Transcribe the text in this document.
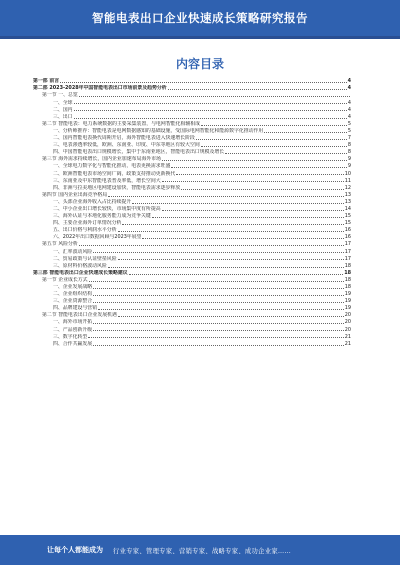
智能电表出口企业快速成长策略研究报告
内容目录
第一部 前言	4
第二部 2023-2028年中国智能电表出口市场前景及趋势分析	4
第一节 一、总览
一、全球	4
二、国内	4
三、出口	4
第二节 智能电表：电力系统数据的主要采集装置，与电网智能化相辅相成	5
一、分析师推荐：智能电表是电网数据感知的基础设施，受国际电网智能化和能源数字化推动作用	5
二、国内智能电表换代周期开启，海外智能电表进入快速增长阶段	7
三、电表渗透率较低，欧洲、东南亚、印度、中东等地区有较大空间	8
四、中国智能电表出口规模增长，集中于东南亚地区，智能电表出口规模及增长	8
第三节 海外需求持续增长，国内企业加速布局海外市场	9
一、全球电力数字化与智能化推动，电表更换需求旺盛	9
二、欧洲智能电表市场空间广阔，政策支持推动更新换代	10
三、东南亚及中东智能电表普及率低，增长空间大	11
四、非洲与拉美地区电网建设加快，智能电表需求逐步释放	12
第四节 国内企业出海竞争格局	13
一、头部企业海外收入占比持续提升	13
二、中小企业出口增长较快，市场集中度有所提高	14
三、海外认证与本地化服务能力成为竞争关键	15
四、主要企业海外订单情况分析	15
五、出口价格与利润水平分析	16
六、2022年出口数据回顾与2023年展望	16
第五节 风险分析	17
一、汇率波动风险	17
二、贸易政策与认证壁垒风险	17
三、原材料价格波动风险	18
第三部 智能电表出口企业快速成长策略建议	18
第一节 企业成长方式	18
一、企业发展战略	18
二、企业组织结构	19
三、企业资源整合	19
四、品牌建设与营销	19
第二节 智能电表出口企业发展机遇	20
一、海外市场开拓	20
二、产品创新升级	20
三、数字化转型	21
四、合作共赢发展	21
让每个人都能成为 行业专家、管理专家、营销专家、战略专家、成功企业家……
